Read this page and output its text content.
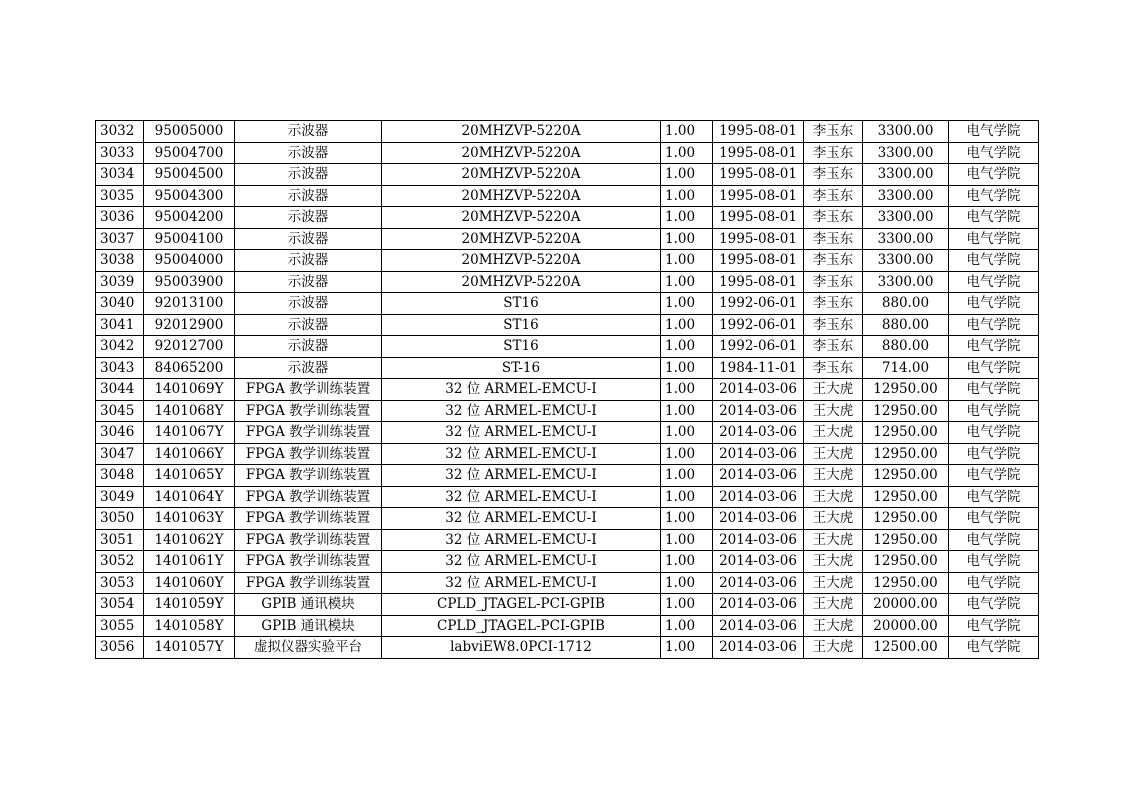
3032	95005000	示波器	20MHZVP-5220A	1.00	1995-08-01	李玉东	3300.00	电气学院
3033	95004700	示波器	20MHZVP-5220A	1.00	1995-08-01	李玉东	3300.00	电气学院
3034	95004500	示波器	20MHZVP-5220A	1.00	1995-08-01	李玉东	3300.00	电气学院
3035	95004300	示波器	20MHZVP-5220A	1.00	1995-08-01	李玉东	3300.00	电气学院
3036	95004200	示波器	20MHZVP-5220A	1.00	1995-08-01	李玉东	3300.00	电气学院
3037	95004100	示波器	20MHZVP-5220A	1.00	1995-08-01	李玉东	3300.00	电气学院
3038	95004000	示波器	20MHZVP-5220A	1.00	1995-08-01	李玉东	3300.00	电气学院
3039	95003900	示波器	20MHZVP-5220A	1.00	1995-08-01	李玉东	3300.00	电气学院
3040	92013100	示波器	ST16	1.00	1992-06-01	李玉东	880.00	电气学院
3041	92012900	示波器	ST16	1.00	1992-06-01	李玉东	880.00	电气学院
3042	92012700	示波器	ST16	1.00	1992-06-01	李玉东	880.00	电气学院
3043	84065200	示波器	ST-16	1.00	1984-11-01	李玉东	714.00	电气学院
3044	1401069Y	FPGA 教学训练装置	32 位 ARMEL-EMCU-I	1.00	2014-03-06	王大虎	12950.00	电气学院
3045	1401068Y	FPGA 教学训练装置	32 位 ARMEL-EMCU-I	1.00	2014-03-06	王大虎	12950.00	电气学院
3046	1401067Y	FPGA 教学训练装置	32 位 ARMEL-EMCU-I	1.00	2014-03-06	王大虎	12950.00	电气学院
3047	1401066Y	FPGA 教学训练装置	32 位 ARMEL-EMCU-I	1.00	2014-03-06	王大虎	12950.00	电气学院
3048	1401065Y	FPGA 教学训练装置	32 位 ARMEL-EMCU-I	1.00	2014-03-06	王大虎	12950.00	电气学院
3049	1401064Y	FPGA 教学训练装置	32 位 ARMEL-EMCU-I	1.00	2014-03-06	王大虎	12950.00	电气学院
3050	1401063Y	FPGA 教学训练装置	32 位 ARMEL-EMCU-I	1.00	2014-03-06	王大虎	12950.00	电气学院
3051	1401062Y	FPGA 教学训练装置	32 位 ARMEL-EMCU-I	1.00	2014-03-06	王大虎	12950.00	电气学院
3052	1401061Y	FPGA 教学训练装置	32 位 ARMEL-EMCU-I	1.00	2014-03-06	王大虎	12950.00	电气学院
3053	1401060Y	FPGA 教学训练装置	32 位 ARMEL-EMCU-I	1.00	2014-03-06	王大虎	12950.00	电气学院
3054	1401059Y	GPIB 通讯模块	CPLD_JTAGEL-PCI-GPIB	1.00	2014-03-06	王大虎	20000.00	电气学院
3055	1401058Y	GPIB 通讯模块	CPLD_JTAGEL-PCI-GPIB	1.00	2014-03-06	王大虎	20000.00	电气学院
3056	1401057Y	虚拟仪器实验平台	labviEW8.0PCI-1712	1.00	2014-03-06	王大虎	12500.00	电气学院
